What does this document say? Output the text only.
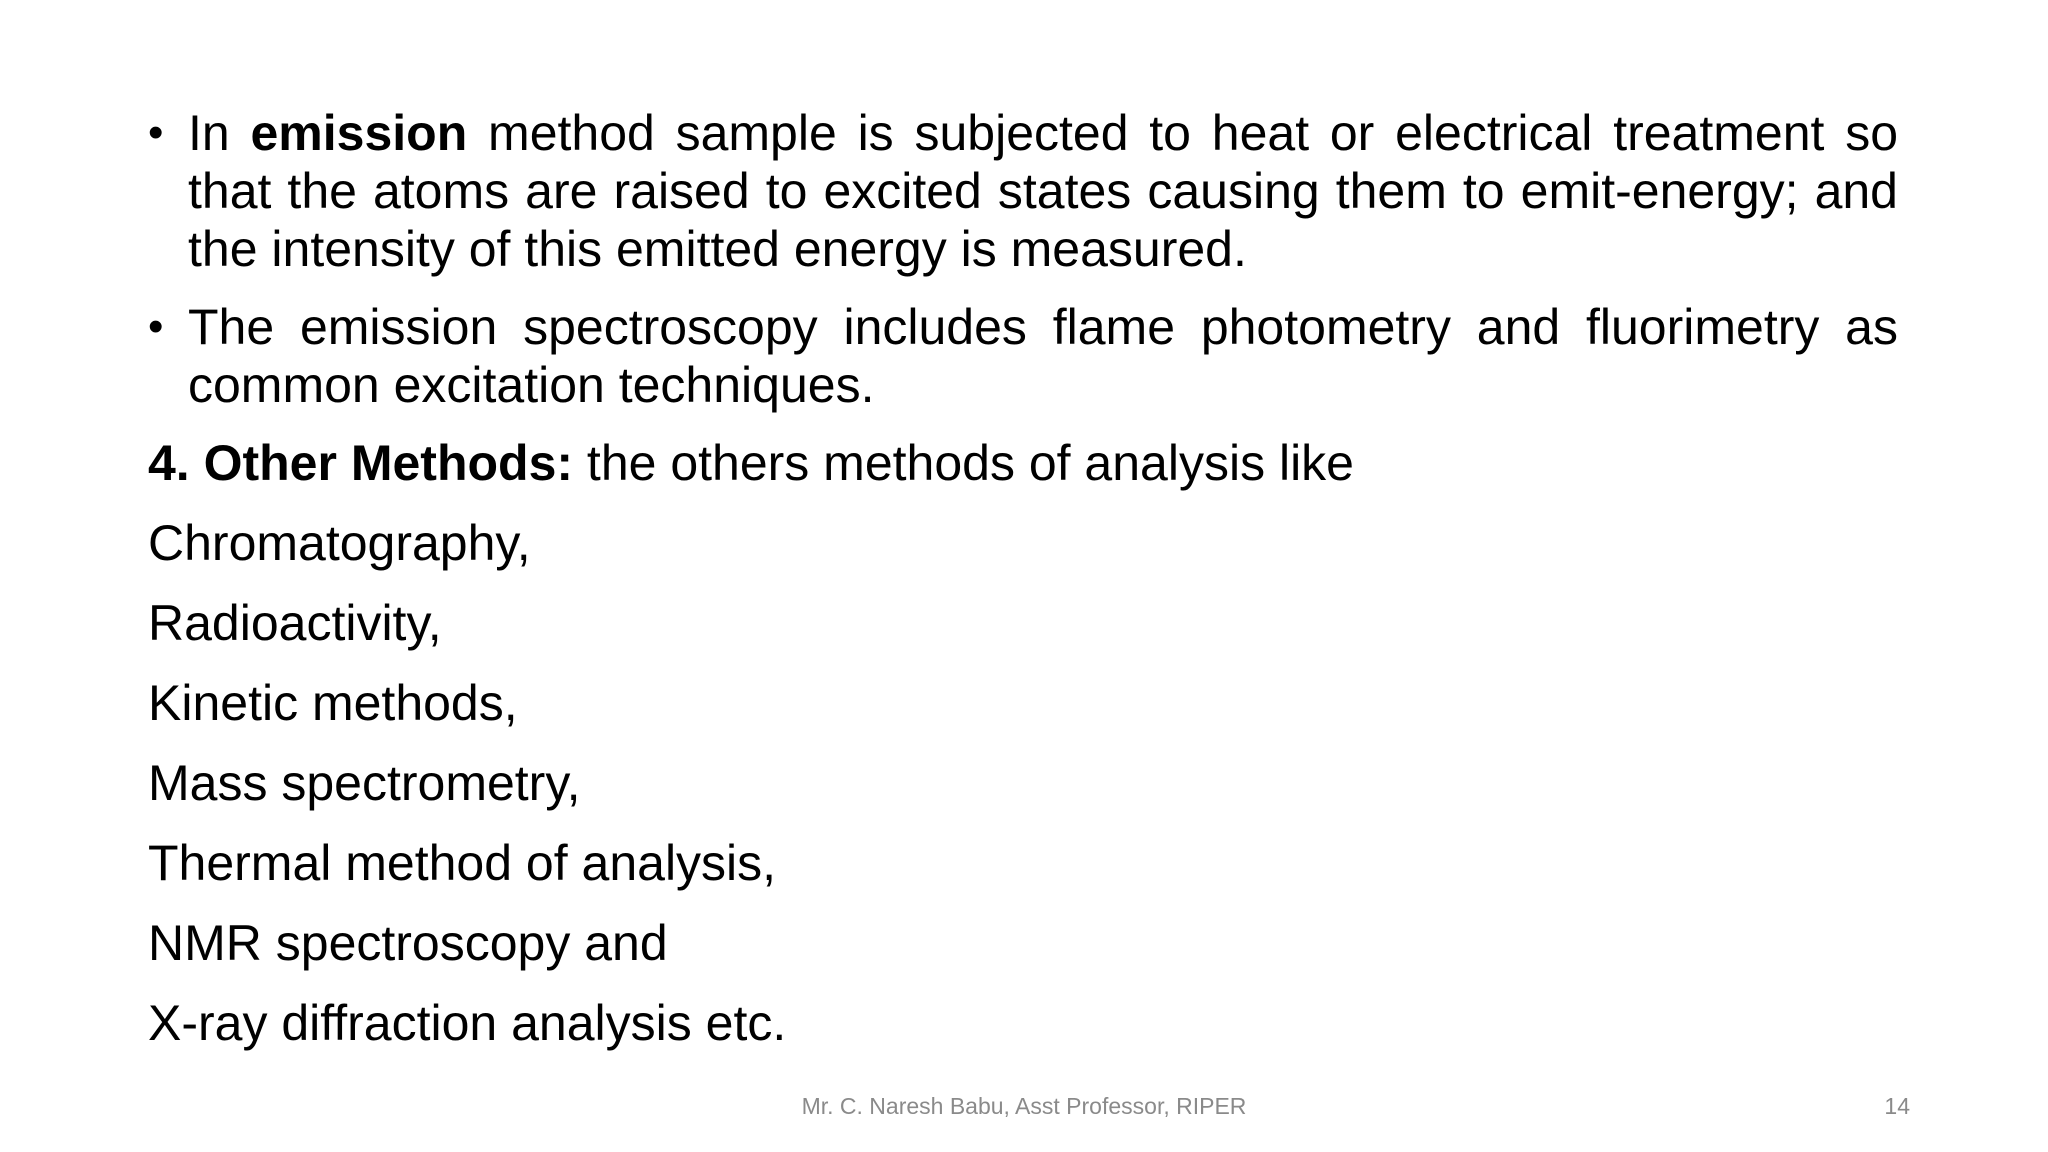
• In emission method sample is subjected to heat or electrical treatment so that the atoms are raised to excited states causing them to emit-energy; and the intensity of this emitted energy is measured.
• The emission spectroscopy includes flame photometry and fluorimetry as common excitation techniques.
4. Other Methods: the others methods of analysis like
Chromatography,
Radioactivity,
Kinetic methods,
Mass spectrometry,
Thermal method of analysis,
NMR spectroscopy and
X-ray diffraction analysis etc.
Mr. C. Naresh Babu, Asst Professor, RIPER	14
